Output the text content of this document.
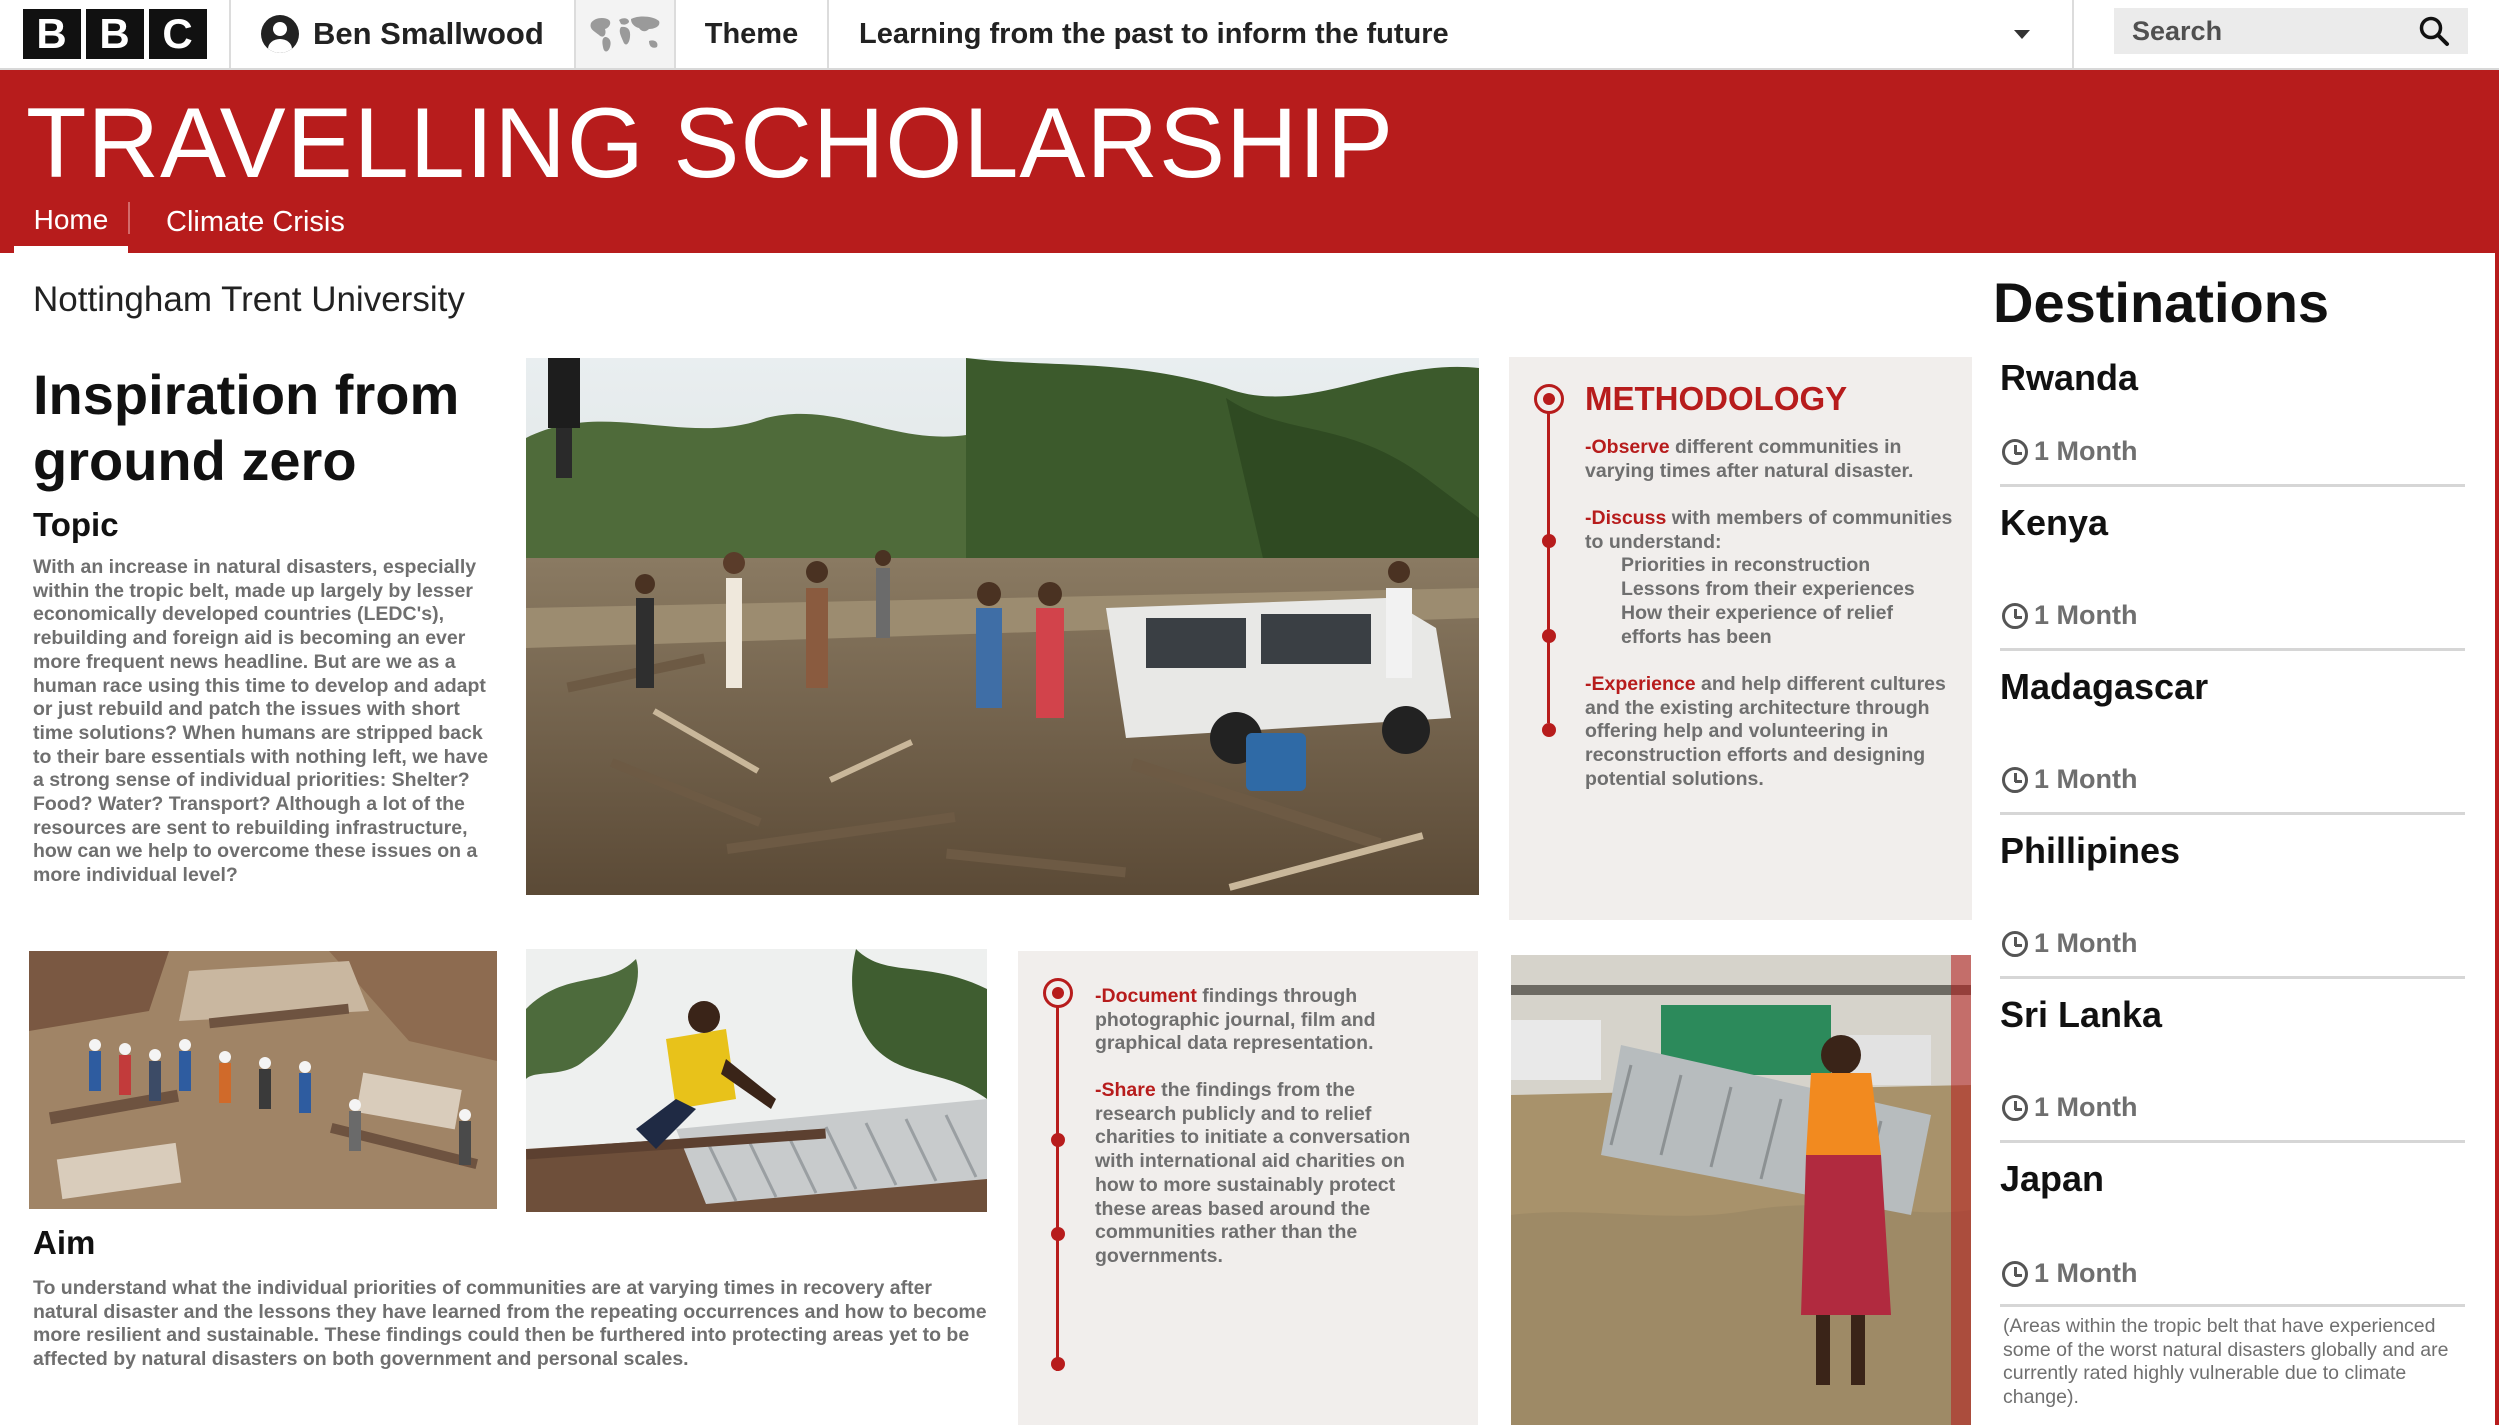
B B C	Ben Smallwood	Theme Learning from the past to inform the future	Search
TRAVELLING SCHOLARSHIP
Home Climate Crisis
Nottingham Trent University
Inspiration from ground zero
Topic
With an increase in natural disasters, especially within the tropic belt, made up largely by lesser economically developed countries (LEDC's), rebuilding and foreign aid is becoming an ever more frequent news headline. But are we as a human race using this time to develop and adapt or just rebuild and patch the issues with short time solutions? When humans are stripped back to their bare essentials with nothing left, we have a strong sense of individual priorities: Shelter? Food? Water? Transport? Although a lot of the resources are sent to rebuilding infrastructure, how can we help to overcome these issues on a more individual level?
Aim
To understand what the individual priorities of communities are at varying times in recovery after natural disaster and the lessons they have learned from the repeating occurrences and how to become more resilient and sustainable. These findings could then be furthered into protecting areas yet to be affected by natural disasters on both government and personal scales.
METHODOLOGY
-Observe different communities in varying times after natural disaster.
-Discuss with members of communities to understand:
Priorities in reconstruction
Lessons from their experiences
How their experience of relief efforts has been
-Experience and help different cultures and the existing architecture through offering help and volunteering in reconstruction efforts and designing potential solutions.
-Document findings through photographic journal, film and graphical data representation.
-Share the findings from the research publicly and to relief charities to initiate a conversation with international aid charities on how to more sustainably protect these areas based around the communities rather than the governments.
Destinations
Rwanda
1 Month
Kenya
1 Month
Madagascar
1 Month
Phillipines
1 Month
Sri Lanka
1 Month
Japan
1 Month
(Areas within the tropic belt that have experienced some of the worst natural disasters globally and are currently rated highly vulnerable due to climate change).
